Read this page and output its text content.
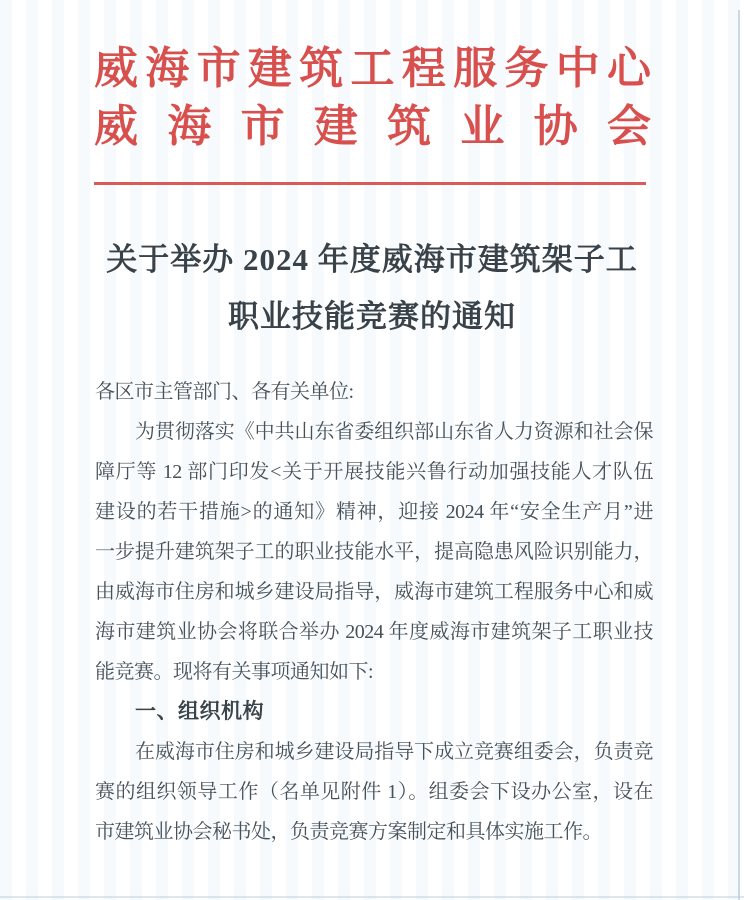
威海市建筑工程服务中心
威海市建筑业协会
关于举办 2024 年度威海市建筑架子工
职业技能竞赛的通知
各区市主管部门、各有关单位:
为贯彻落实《中共山东省委组织部山东省人力资源和社会保
障厅等 12 部门印发<关于开展技能兴鲁行动加强技能人才队伍
建设的若干措施>的通知》精神，迎接 2024 年“安全生产月”进
一步提升建筑架子工的职业技能水平，提高隐患风险识别能力，
由威海市住房和城乡建设局指导，威海市建筑工程服务中心和威
海市建筑业协会将联合举办 2024 年度威海市建筑架子工职业技
能竞赛。现将有关事项通知如下:
一、组织机构
在威海市住房和城乡建设局指导下成立竞赛组委会，负责竞
赛的组织领导工作（名单见附件 1）。组委会下设办公室，设在
市建筑业协会秘书处，负责竞赛方案制定和具体实施工作。
